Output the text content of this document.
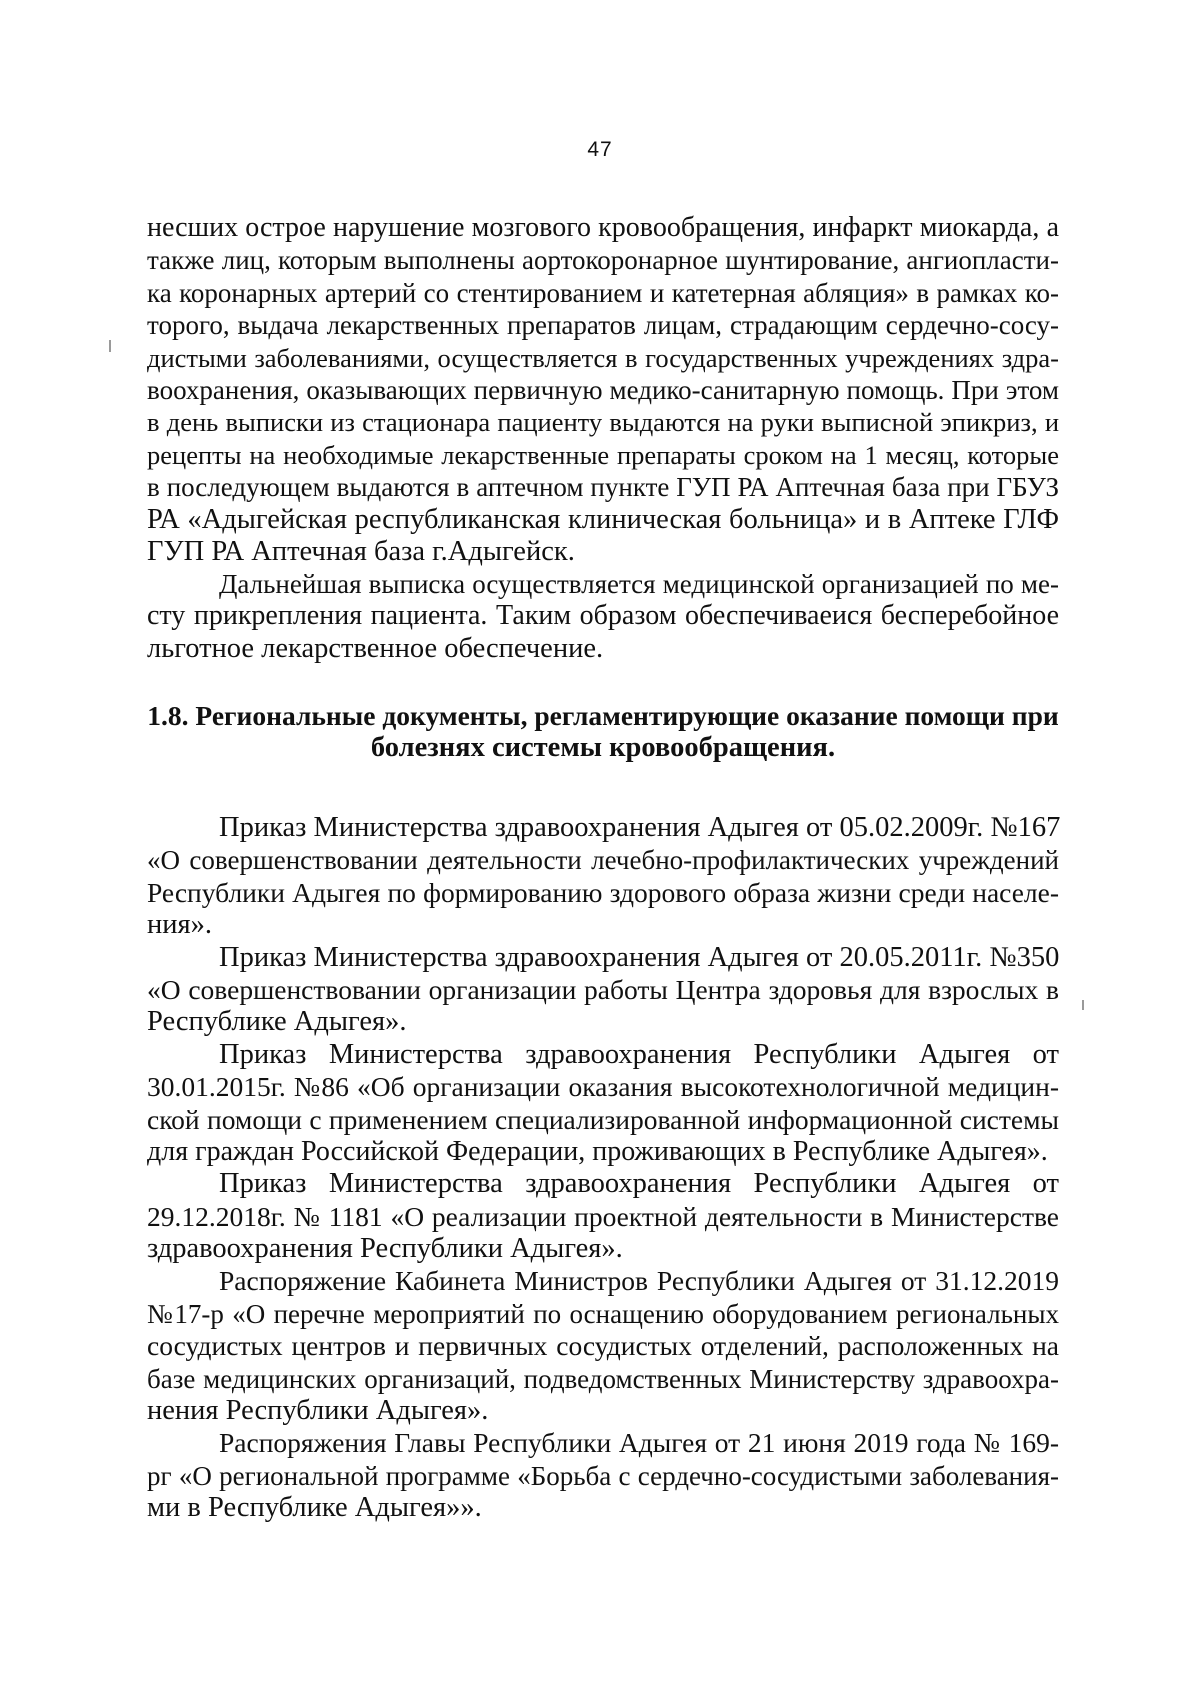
47
несших острое нарушение мозгового кровообращения, инфаркт миокарда, а
также лиц, которым выполнены аортокоронарное шунтирование, ангиопласти-
ка коронарных артерий со стентированием и катетерная абляция» в рамках ко-
торого, выдача лекарственных препаратов лицам, страдающим сердечно-сосу-
дистыми заболеваниями, осуществляется в государственных учреждениях здра-
воохранения, оказывающих первичную медико-санитарную помощь. При этом
в день выписки из стационара пациенту выдаются на руки выписной эпикриз, и
рецепты на необходимые лекарственные препараты сроком на 1 месяц, которые
в последующем выдаются в аптечном пункте ГУП РА Аптечная база при ГБУЗ
РА «Адыгейская республиканская клиническая больница» и в Аптеке ГЛФ
ГУП РА Аптечная база г.Адыгейск.
Дальнейшая выписка осуществляется медицинской организацией по ме-
сту прикрепления пациента. Таким образом обеспечиваеися бесперебойное
льготное лекарственное обеспечение.
1.8. Региональные документы, регламентирующие оказание помощи при
болезнях системы кровообращения.
Приказ Министерства здравоохранения Адыгея от 05.02.2009г. №167
«О совершенствовании деятельности лечебно-профилактических учреждений
Республики Адыгея по формированию здорового образа жизни среди населе-
ния».
Приказ Министерства здравоохранения Адыгея от 20.05.2011г. №350
«О совершенствовании организации работы Центра здоровья для взрослых в
Республике Адыгея».
Приказ Министерства здравоохранения Республики Адыгея от
30.01.2015г. №86 «Об организации оказания высокотехнологичной медицин-
ской помощи с применением специализированной информационной системы
для граждан Российской Федерации, проживающих в Республике Адыгея».
Приказ Министерства здравоохранения Республики Адыгея от
29.12.2018г. № 1181 «О реализации проектной деятельности в Министерстве
здравоохранения Республики Адыгея».
Распоряжение Кабинета Министров Республики Адыгея от 31.12.2019
№17-р «О перечне мероприятий по оснащению оборудованием региональных
сосудистых центров и первичных сосудистых отделений, расположенных на
базе медицинских организаций, подведомственных Министерству здравоохра-
нения Республики Адыгея».
Распоряжения Главы Республики Адыгея от 21 июня 2019 года № 169-
рг «О региональной программе «Борьба с сердечно-сосудистыми заболевания-
ми в Республике Адыгея»».
